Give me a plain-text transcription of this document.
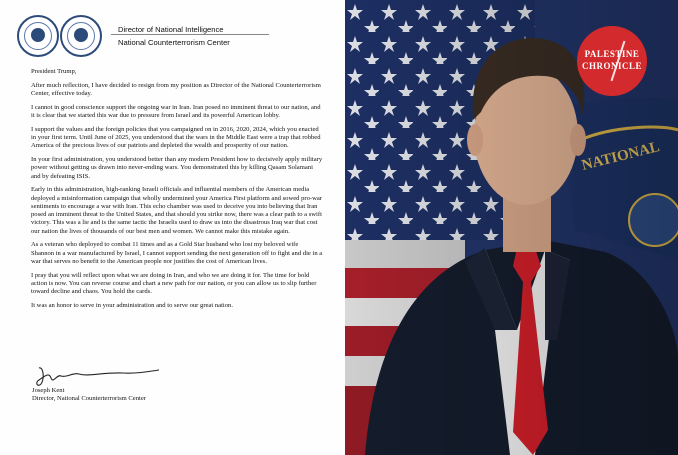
Director of National Intelligence
National Counterterrorism Center

President Trump,

After much reflection, I have decided to resign from my position as Director of the National Counterterrorism Center, effective today.

I cannot in good conscience support the ongoing war in Iran. Iran posed no imminent threat to our nation, and it is clear that we started this war due to pressure from Israel and its powerful American lobby.

I support the values and the foreign policies that you campaigned on in 2016, 2020, 2024, which you enacted in your first term. Until June of 2025, you understood that the wars in the Middle East were a trap that robbed America of the precious lives of our patriots and depleted the wealth and prosperity of our nation.

In your first administration, you understood better than any modern President how to decisively apply military power without getting us drawn into never-ending wars. You demonstrated this by killing Qasam Solamani and by defeating ISIS.

Early in this administration, high-ranking Israeli officials and influential members of the American media deployed a misinformation campaign that wholly undermined your America First platform and sowed pro-war sentiments to encourage a war with Iran. This echo chamber was used to deceive you into believing that Iran posed an imminent threat to the United States, and that should you strike now, there was a clear path to a swift victory. This was a lie and is the same tactic the Israelis used to draw us into the disastrous Iraq war that cost our nation the lives of thousands of our best men and women. We cannot make this mistake again.

As a veteran who deployed to combat 11 times and as a Gold Star husband who lost my beloved wife Shannon in a war manufactured by Israel, I cannot support sending the next generation off to fight and die in a war that serves no benefit to the American people nor justifies the cost of American lives.

I pray that you will reflect upon what we are doing in Iran, and who we are doing it for. The time for bold action is now. You can reverse course and chart a new path for our nation, or you can allow us to slip further toward decline and chaos. You hold the cards.

It was an honor to serve in your administration and to serve our great nation.

Joseph Kent
Director, National Counterterrorism Center
PALESTINE
CHRONICLE
